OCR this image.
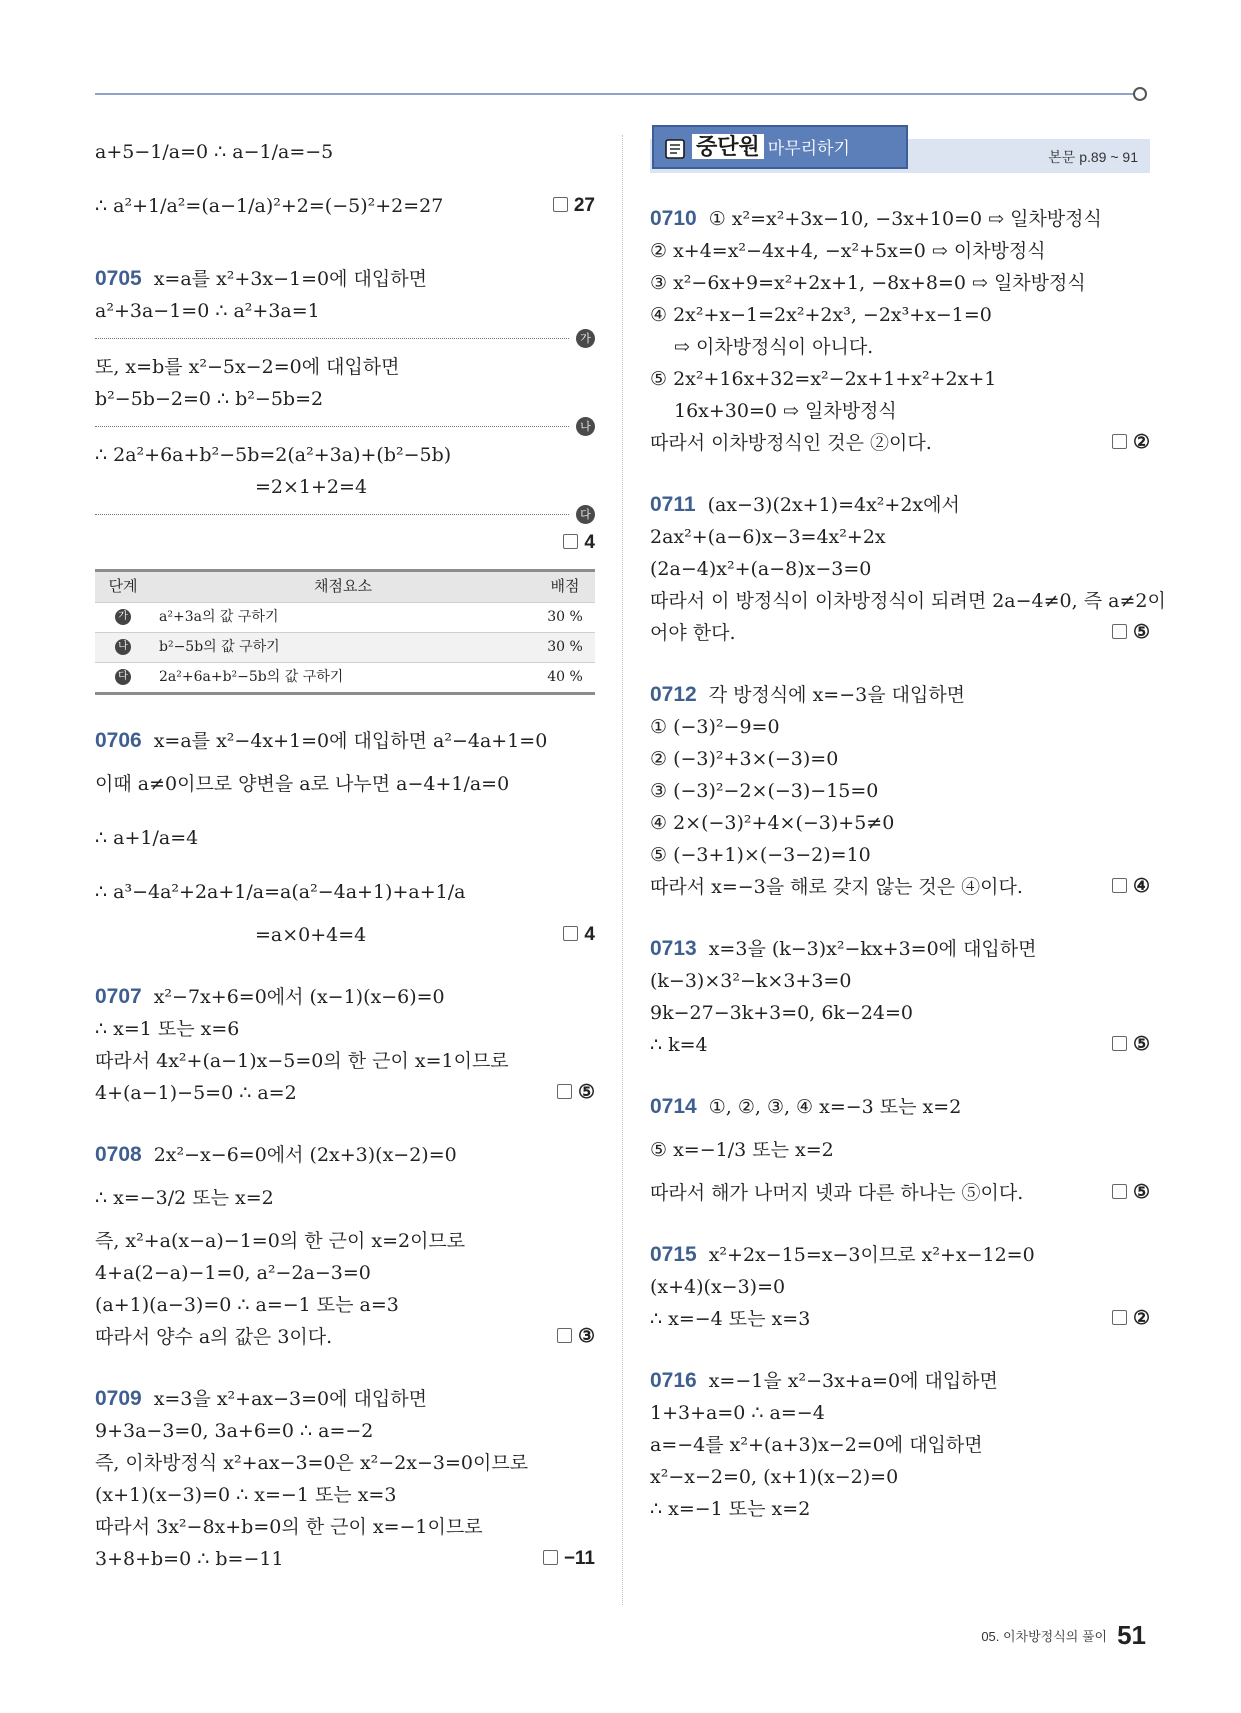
a+5−1/a=0 ∴ a−1/a=−5
∴ a²+1/a²=(a−1/a)²+2=(−5)²+2=27	27
0705 x=a를 x²+3x−1=0에 대입하면
a²+3a−1=0 ∴ a²+3a=1
가
또, x=b를 x²−5x−2=0에 대입하면
b²−5b−2=0 ∴ b²−5b=2
나
∴ 2a²+6a+b²−5b=2(a²+3a)+(b²−5b)
=2×1+2=4
다
4
단계	채점요소	배점
가	a²+3a의 값 구하기	30 %
나	b²−5b의 값 구하기	30 %
다	2a²+6a+b²−5b의 값 구하기	40 %
0706 x=a를 x²−4x+1=0에 대입하면 a²−4a+1=0
이때 a≠0이므로 양변을 a로 나누면 a−4+1/a=0
∴ a+1/a=4
∴ a³−4a²+2a+1/a=a(a²−4a+1)+a+1/a
=a×0+4=4	4
0707 x²−7x+6=0에서 (x−1)(x−6)=0
∴ x=1 또는 x=6
따라서 4x²+(a−1)x−5=0의 한 근이 x=1이므로
4+(a−1)−5=0 ∴ a=2	⑤
0708 2x²−x−6=0에서 (2x+3)(x−2)=0
∴ x=−3/2 또는 x=2
즉, x²+a(x−a)−1=0의 한 근이 x=2이므로
4+a(2−a)−1=0, a²−2a−3=0
(a+1)(a−3)=0 ∴ a=−1 또는 a=3
따라서 양수 a의 값은 3이다.	③
0709 x=3을 x²+ax−3=0에 대입하면
9+3a−3=0, 3a+6=0 ∴ a=−2
즉, 이차방정식 x²+ax−3=0은 x²−2x−3=0이므로
(x+1)(x−3)=0 ∴ x=−1 또는 x=3
따라서 3x²−8x+b=0의 한 근이 x=−1이므로
3+8+b=0 ∴ b=−11	−11
중단원 마무리하기	본문 p.89 ~ 91
0710 ① x²=x²+3x−10, −3x+10=0 ⇨ 일차방정식
② x+4=x²−4x+4, −x²+5x=0 ⇨ 이차방정식
③ x²−6x+9=x²+2x+1, −8x+8=0 ⇨ 일차방정식
④ 2x²+x−1=2x²+2x³, −2x³+x−1=0
⇨ 이차방정식이 아니다.
⑤ 2x²+16x+32=x²−2x+1+x²+2x+1
16x+30=0 ⇨ 일차방정식
따라서 이차방정식인 것은 ②이다.	②
0711 (ax−3)(2x+1)=4x²+2x에서
2ax²+(a−6)x−3=4x²+2x
(2a−4)x²+(a−8)x−3=0
따라서 이 방정식이 이차방정식이 되려면 2a−4≠0, 즉 a≠2이
어야 한다.	⑤
0712 각 방정식에 x=−3을 대입하면
① (−3)²−9=0
② (−3)²+3×(−3)=0
③ (−3)²−2×(−3)−15=0
④ 2×(−3)²+4×(−3)+5≠0
⑤ (−3+1)×(−3−2)=10
따라서 x=−3을 해로 갖지 않는 것은 ④이다.	④
0713 x=3을 (k−3)x²−kx+3=0에 대입하면
(k−3)×3²−k×3+3=0
9k−27−3k+3=0, 6k−24=0
∴ k=4	⑤
0714 ①, ②, ③, ④ x=−3 또는 x=2
⑤ x=−1/3 또는 x=2
따라서 해가 나머지 넷과 다른 하나는 ⑤이다.	⑤
0715 x²+2x−15=x−3이므로 x²+x−12=0
(x+4)(x−3)=0
∴ x=−4 또는 x=3	②
0716 x=−1을 x²−3x+a=0에 대입하면
1+3+a=0 ∴ a=−4
a=−4를 x²+(a+3)x−2=0에 대입하면
x²−x−2=0, (x+1)(x−2)=0
∴ x=−1 또는 x=2
05. 이차방정식의 풀이 51
